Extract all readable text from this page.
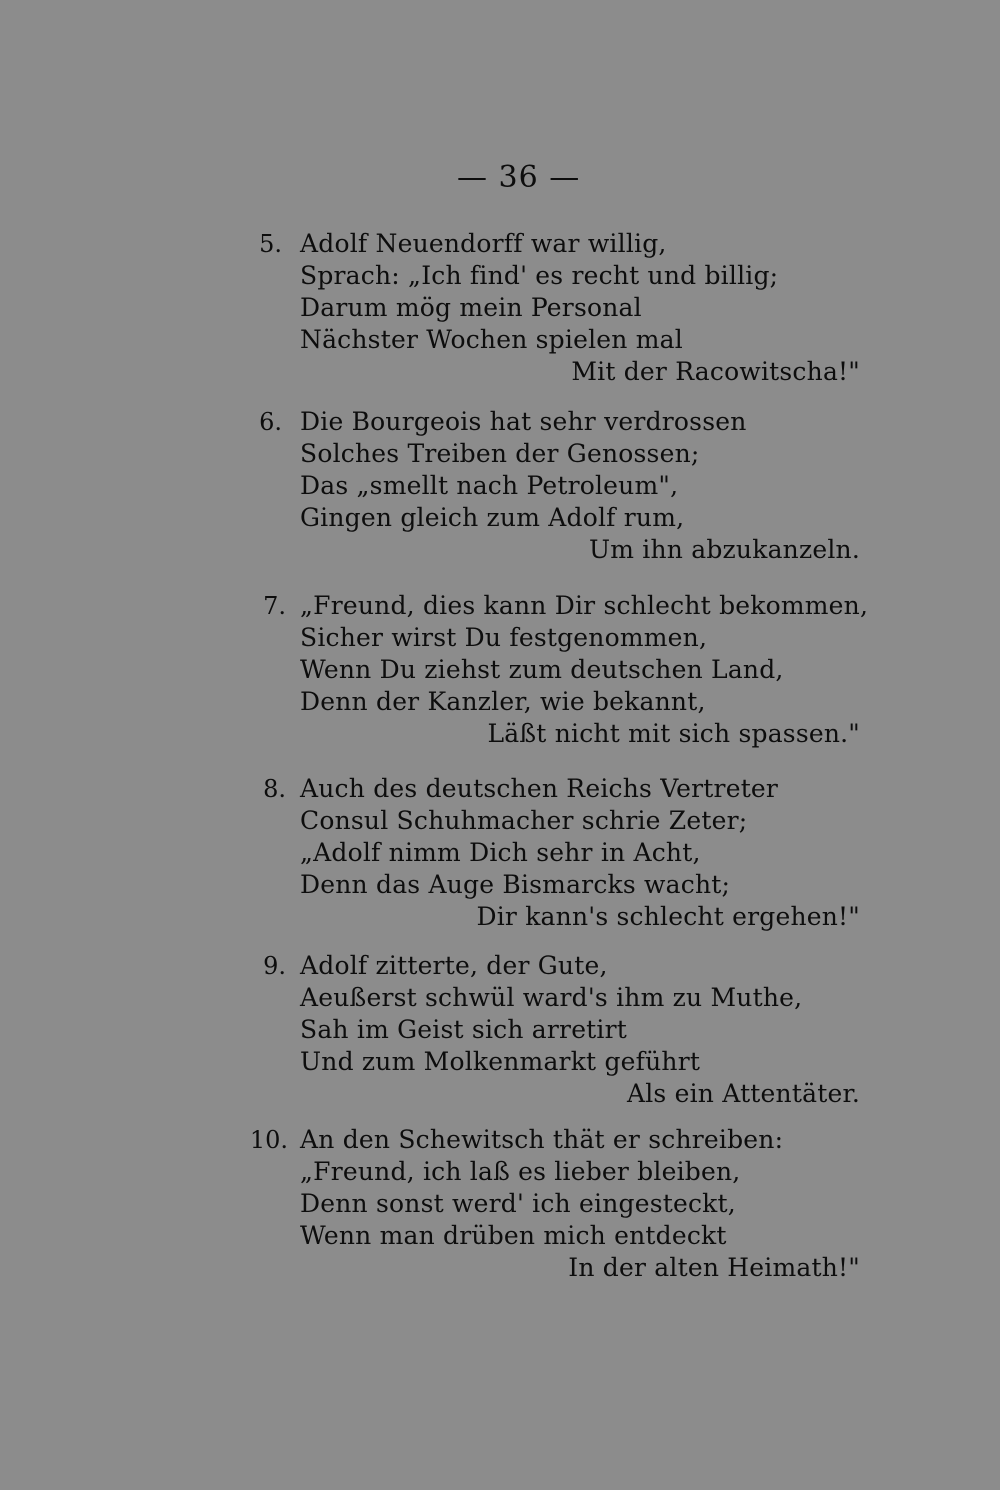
— 36 —
5. Adolf Neuendorff war willig,
Sprach: „Ich find' es recht und billig;
Darum mög mein Personal
Nächster Wochen spielen mal
Mit der Racowitscha!"
6. Die Bourgeois hat sehr verdrossen
Solches Treiben der Genossen;
Das „smellt nach Petroleum",
Gingen gleich zum Adolf rum,
Um ihn abzukanzeln.
7. „Freund, dies kann Dir schlecht bekommen,
Sicher wirst Du festgenommen,
Wenn Du ziehst zum deutschen Land,
Denn der Kanzler, wie bekannt,
Läßt nicht mit sich spassen."
8. Auch des deutschen Reichs Vertreter
Consul Schuhmacher schrie Zeter;
„Adolf nimm Dich sehr in Acht,
Denn das Auge Bismarcks wacht;
Dir kann's schlecht ergehen!"
9. Adolf zitterte, der Gute,
Aeußerst schwül ward's ihm zu Muthe,
Sah im Geist sich arretirt
Und zum Molkenmarkt geführt
Als ein Attentäter.
10. An den Schewitsch thät er schreiben:
„Freund, ich laß es lieber bleiben,
Denn sonst werd' ich eingesteckt,
Wenn man drüben mich entdeckt
In der alten Heimath!"
